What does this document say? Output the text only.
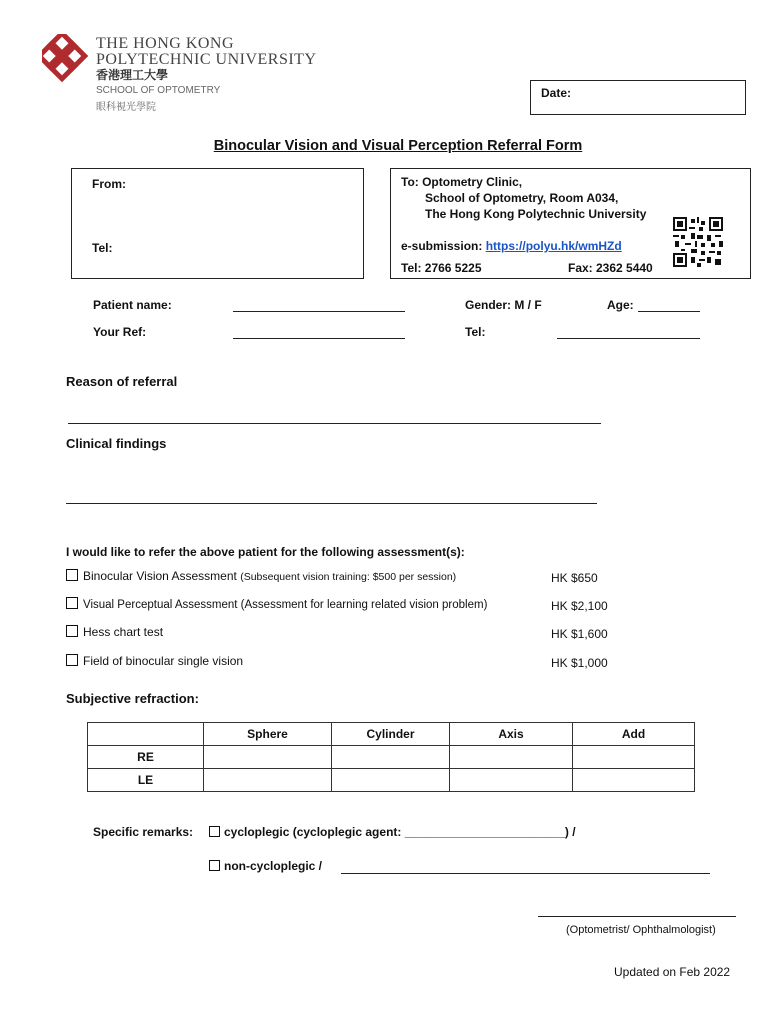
THE HONG KONG
POLYTECHNIC UNIVERSITY
香港理工大學
SCHOOL OF OPTOMETRY
眼科視光學院
Date:
Binocular Vision and Visual Perception Referral Form
From:
Tel:
To: Optometry Clinic,
School of Optometry, Room A034,
The Hong Kong Polytechnic University
e-submission: https://polyu.hk/wmHZd
Tel: 2766 5225	Fax: 2362 5440
Patient name:	Gender: M / F	Age:
Your Ref:	Tel:
Reason of referral
Clinical findings
I would like to refer the above patient for the following assessment(s):
Binocular Vision Assessment (Subsequent vision training: $500 per session)	HK $650
Visual Perceptual Assessment (Assessment for learning related vision problem)	HK $2,100
Hess chart test	HK $1,600
Field of binocular single vision	HK $1,000
Subjective refraction:
	Sphere	Cylinder	Axis	Add
RE				
LE				
Specific remarks:	cycloplegic (cycloplegic agent: ________________________) /
non-cycloplegic /
(Optometrist/ Ophthalmologist)
Updated on Feb 2022
